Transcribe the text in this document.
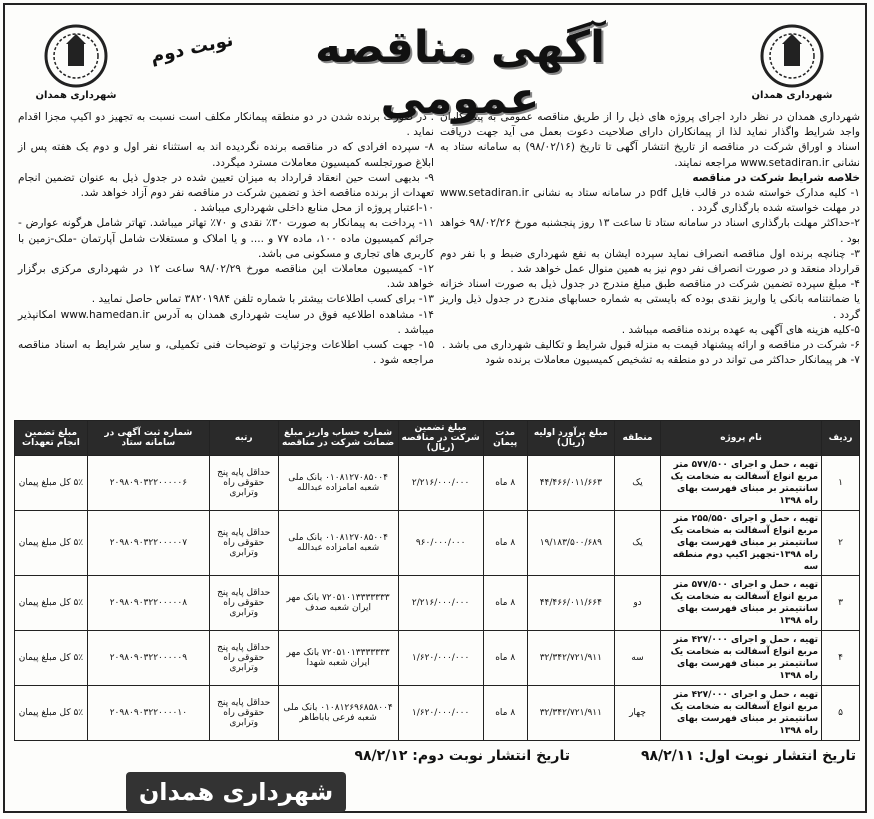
شهرداری همدان
شهرداری همدان
نوبت دوم	آگهی مناقصه عمومی

شهرداری همدان در نظر دارد اجرای پروژه های ذیل را از طریق مناقصه عمومی به پیمانکاران واجد شرایط واگذار نماید لذا از پیمانکاران دارای صلاحیت دعوت بعمل می آید جهت دریافت اسناد و اوراق شرکت در مناقصه از تاریخ انتشار آگهی تا تاریخ (۹۸/۰۲/۱۶) به سامانه ستاد به نشانی www.setadiran.ir مراجعه نمایند.

خلاصه شرایط شرکت در مناقصه

۱- کلیه مدارک خواسته شده در قالب فایل pdf در سامانه ستاد به نشانی www.setadiran.ir در مهلت خواسته شده بارگذاری گردد .

۲-حداکثر مهلت بارگذاری اسناد در سامانه ستاد تا ساعت ۱۳ روز پنجشنبه مورخ ۹۸/۰۲/۲۶ خواهد بود .

۳- چنانچه برنده اول مناقصه انصراف نماید سپرده ایشان به نفع شهرداری ضبط و با نفر دوم قرارداد منعقد و در صورت انصراف نفر دوم نیز به همین منوال عمل خواهد شد .

۴- مبلغ سپرده تضمین شرکت در مناقصه طبق مبلغ مندرج در جدول ذیل به صورت اسناد خزانه یا ضمانتنامه بانکی یا واریز نقدی بوده که بایستی به شماره حسابهای مندرج در جدول ذیل واریز گردد .

۵-کلیه هزینه های آگهی به عهده برنده مناقصه میباشد .

۶- شرکت در مناقصه و ارائه پیشنهاد قیمت به منزله قبول شرایط و تکالیف شهرداری می باشد .

۷- هر پیمانکار حداکثر می تواند در دو منطقه به تشخیص کمیسیون معاملات برنده شود

. در صورت برنده شدن در دو منطقه پیمانکار مکلف است نسبت به تجهیز دو اکیپ مجزا اقدام نماید .

۸- سپرده افرادی که در مناقصه برنده نگردیده اند به استثناء نفر اول و دوم یک هفته پس از ابلاغ صورتجلسه کمیسیون معاملات مسترد میگردد.

۹- بدیهی است حین انعقاد قرارداد به میزان تعیین شده در جدول ذیل به عنوان تضمین انجام تعهدات از برنده مناقصه اخذ و تضمین شرکت در مناقصه نفر دوم آزاد خواهد شد.

۱۰-اعتبار پروژه از محل منابع داخلی شهرداری میباشد .

۱۱- پرداخت به پیمانکار به صورت ۳۰٪ نقدی و ۷۰٪ تهاتر میباشد. تهاتر شامل هرگونه عوارض - جرائم کمیسیون ماده ۱۰۰، ماده ۷۷ و .... و یا املاک و مستغلات شامل آپارتمان -ملک-زمین با کاربری های تجاری و مسکونی می باشد.

۱۲- کمیسیون معاملات این مناقصه مورخ ۹۸/۰۲/۲۹ ساعت ۱۲ در شهرداری مرکزی برگزار خواهد شد.

۱۳- برای کسب اطلاعات بیشتر با شماره تلفن ۳۸۲۰۱۹۸۴ تماس حاصل نمایید .

۱۴- مشاهده اطلاعیه فوق در سایت شهرداری همدان به آدرس www.hamedan.ir امکانپذیر میباشد .

۱۵- جهت کسب اطلاعات وجزئیات و توضیحات فنی تکمیلی، و سایر شرایط به اسناد مناقصه مراجعه شود .

ردیف	نام پروژه	منطقه	مبلغ برآورد اولیه (ریال)	مدت پیمان	مبلغ تضمین شرکت در مناقصه (ریال)	شماره حساب واریز مبلغ ضمانت شرکت در مناقصه	رتبه	شماره ثبت آگهی در سامانه ستاد	مبلغ تضمین انجام تعهدات
۱	تهیه ، حمل و اجرای ۵۷۷/۵۰۰ متر مربع انواع آسفالت به ضخامت یک سانتیمتر بر مبنای فهرست بهای راه ۱۳۹۸	یک	۴۴/۴۶۶/۰۱۱/۶۶۳	۸ ماه	۲/۲۱۶/۰۰۰/۰۰۰	۰۱۰۸۱۲۷۰۸۵۰۰۴ بانک ملی شعبه امامزاده عبدالله	حداقل پایه پنج حقوقی راه وترابری	۲۰۹۸۰۹۰۳۲۲۰۰۰۰۰۶	۵٪ کل مبلغ پیمان
۲	تهیه ، حمل و اجرای ۲۵۵/۵۵۰ متر مربع انواع آسفالت به ضخامت یک سانتیمتر بر مبنای فهرست بهای راه ۱۳۹۸-تجهیز اکیپ دوم منطقه سه	یک	۱۹/۱۸۳/۵۰۰/۶۸۹	۸ ماه	۹۶۰/۰۰۰/۰۰۰	۰۱۰۸۱۲۷۰۸۵۰۰۴ بانک ملی شعبه امامزاده عبدالله	حداقل پایه پنج حقوقی راه وترابری	۲۰۹۸۰۹۰۳۲۲۰۰۰۰۰۷	۵٪ کل مبلغ پیمان
۳	تهیه ، حمل و اجرای ۵۷۷/۵۰۰ متر مربع انواع آسفالت به ضخامت یک سانتیمتر بر مبنای فهرست بهای راه ۱۳۹۸	دو	۴۴/۴۶۶/۰۱۱/۶۶۴	۸ ماه	۲/۲۱۶/۰۰۰/۰۰۰	۷۲۰۵۱۰۱۳۳۳۳۳۳۳ بانک مهر ایران شعبه صدف	حداقل پایه پنج حقوقی راه وترابری	۲۰۹۸۰۹۰۳۲۲۰۰۰۰۰۸	۵٪ کل مبلغ پیمان
۴	تهیه ، حمل و اجرای ۴۲۷/۰۰۰ متر مربع انواع آسفالت به ضخامت یک سانتیمتر بر مبنای فهرست بهای راه ۱۳۹۸	سه	۳۲/۳۴۲/۷۲۱/۹۱۱	۸ ماه	۱/۶۲۰/۰۰۰/۰۰۰	۷۲۰۵۱۰۱۳۳۳۳۳۳۳ بانک مهر ایران شعبه شهدا	حداقل پایه پنج حقوقی راه وترابری	۲۰۹۸۰۹۰۳۲۲۰۰۰۰۰۹	۵٪ کل مبلغ پیمان
۵	تهیه ، حمل و اجرای ۴۲۷/۰۰۰ متر مربع انواع آسفالت به ضخامت یک سانتیمتر بر مبنای فهرست بهای راه ۱۳۹۸	چهار	۳۲/۳۴۲/۷۲۱/۹۱۱	۸ ماه	۱/۶۲۰/۰۰۰/۰۰۰	۰۱۰۸۱۲۶۹۶۸۵۸۰۰۴ بانک ملی شعبه فرعی باباطاهر	حداقل پایه پنج حقوقی راه وترابری	۲۰۹۸۰۹۰۳۲۲۰۰۰۰۱۰	۵٪ کل مبلغ پیمان
تاریخ انتشار نوبت اول: ۹۸/۲/۱۱
تاریخ انتشار نوبت دوم: ۹۸/۲/۱۲
شهرداری همدان
